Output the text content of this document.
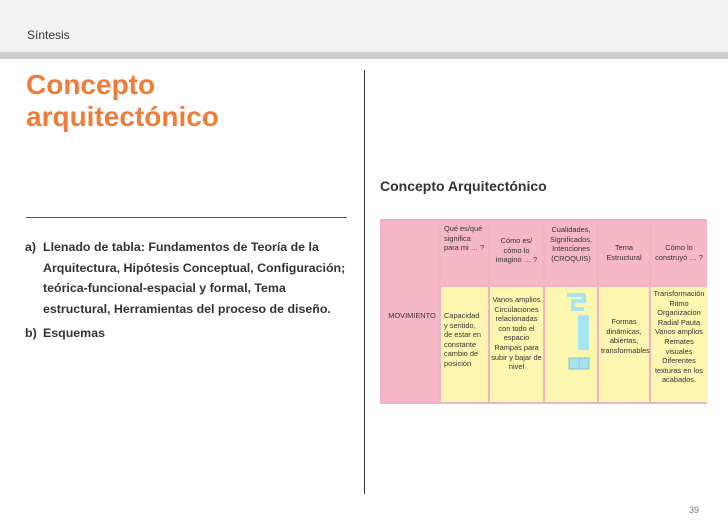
Síntesis
Concepto arquitectónico
a) Llenado de tabla: Fundamentos de Teoría de la Arquitectura, Hipótesis Conceptual, Configuración; teórica-funcional-espacial y formal, Tema estructural, Herramientas del proceso de diseño.
b) Esquemas
Concepto Arquitectónico
Qué es/qué significa para mi … ?
Cómo es/ cómo lo imagino … ?
Cualidades, Significados, Intenciones (CROQUIS)
Tema Estructural
Cómo lo construyó … ?
MOVIMIENTO	Capacidad y sentido, de estar en constante cambio de posición
Vanos amplios Circulaciones relacionadas con todo el espacio Rampas para subir y bajar de nivel
Formas dinámicas, abiertas, transformables
Transformación Ritmo Organizacion Radial Pauta Vanos amplios Remates visuales Diferentes texturas en los acabados.
39
